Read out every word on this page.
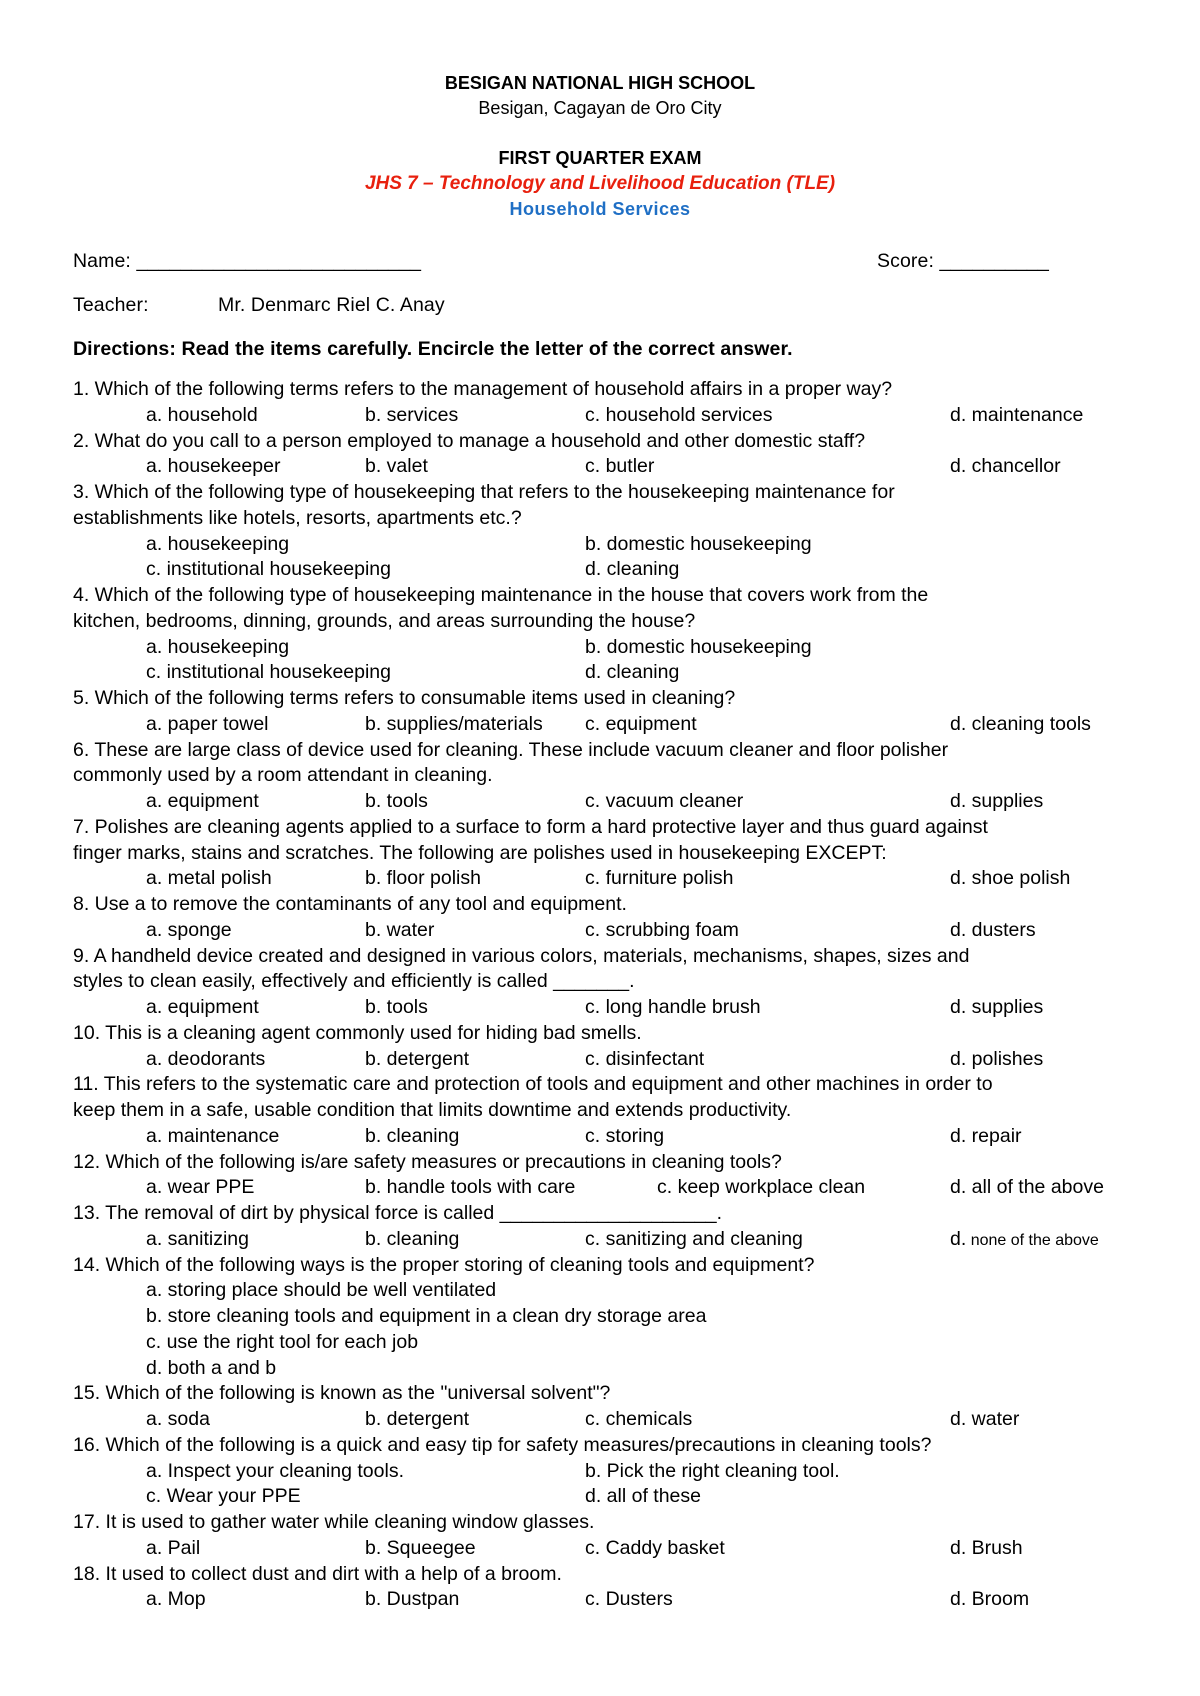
BESIGAN NATIONAL HIGH SCHOOL
Besigan, Cagayan de Oro City
FIRST QUARTER EXAM
JHS 7 – Technology and Livelihood Education (TLE)
Household Services
Name: __________________________	Score: __________
Teacher:	Mr. Denmarc Riel C. Anay
Directions: Read the items carefully. Encircle the letter of the correct answer.
1. Which of the following terms refers to the management of household affairs in a proper way?
a. household	b. services	c. household services	d. maintenance
2. What do you call to a person employed to manage a household and other domestic staff?
a. housekeeper	b. valet	c. butler	d. chancellor
3. Which of the following type of housekeeping that refers to the housekeeping maintenance for
establishments like hotels, resorts, apartments etc.?
a. housekeeping	b. domestic housekeeping
c. institutional housekeeping	d. cleaning
4. Which of the following type of housekeeping maintenance in the house that covers work from the
kitchen, bedrooms, dinning, grounds, and areas surrounding the house?
a. housekeeping	b. domestic housekeeping
c. institutional housekeeping	d. cleaning
5. Which of the following terms refers to consumable items used in cleaning?
a. paper towel	b. supplies/materials c. equipment	d. cleaning tools
6. These are large class of device used for cleaning. These include vacuum cleaner and floor polisher
commonly used by a room attendant in cleaning.
a. equipment	b. tools	c. vacuum cleaner	d. supplies
7. Polishes are cleaning agents applied to a surface to form a hard protective layer and thus guard against
finger marks, stains and scratches. The following are polishes used in housekeeping EXCEPT:
a. metal polish	b. floor polish	c. furniture polish	d. shoe polish
8. Use a to remove the contaminants of any tool and equipment.
a. sponge	b. water	c. scrubbing foam	d. dusters
9. A handheld device created and designed in various colors, materials, mechanisms, shapes, sizes and
styles to clean easily, effectively and efficiently is called _______.
a. equipment	b. tools	c. long handle brush	d. supplies
10. This is a cleaning agent commonly used for hiding bad smells.
a. deodorants	b. detergent	c. disinfectant	d. polishes
11. This refers to the systematic care and protection of tools and equipment and other machines in order to
keep them in a safe, usable condition that limits downtime and extends productivity.
a. maintenance	b. cleaning	c. storing	d. repair
12. Which of the following is/are safety measures or precautions in cleaning tools?
a. wear PPE	b. handle tools with care	c. keep workplace clean	d. all of the above
13. The removal of dirt by physical force is called ____________________.
a. sanitizing	b. cleaning	c. sanitizing and cleaning	d. none of the above
14. Which of the following ways is the proper storing of cleaning tools and equipment?
a. storing place should be well ventilated
b. store cleaning tools and equipment in a clean dry storage area
c. use the right tool for each job
d. both a and b
15. Which of the following is known as the "universal solvent"?
a. soda	b. detergent	c. chemicals	d. water
16. Which of the following is a quick and easy tip for safety measures/precautions in cleaning tools?
a. Inspect your cleaning tools.	b. Pick the right cleaning tool.
c. Wear your PPE	d. all of these
17. It is used to gather water while cleaning window glasses.
a. Pail	b. Squeegee	c. Caddy basket	d. Brush
18. It used to collect dust and dirt with a help of a broom.
a. Mop	b. Dustpan	c. Dusters	d. Broom
